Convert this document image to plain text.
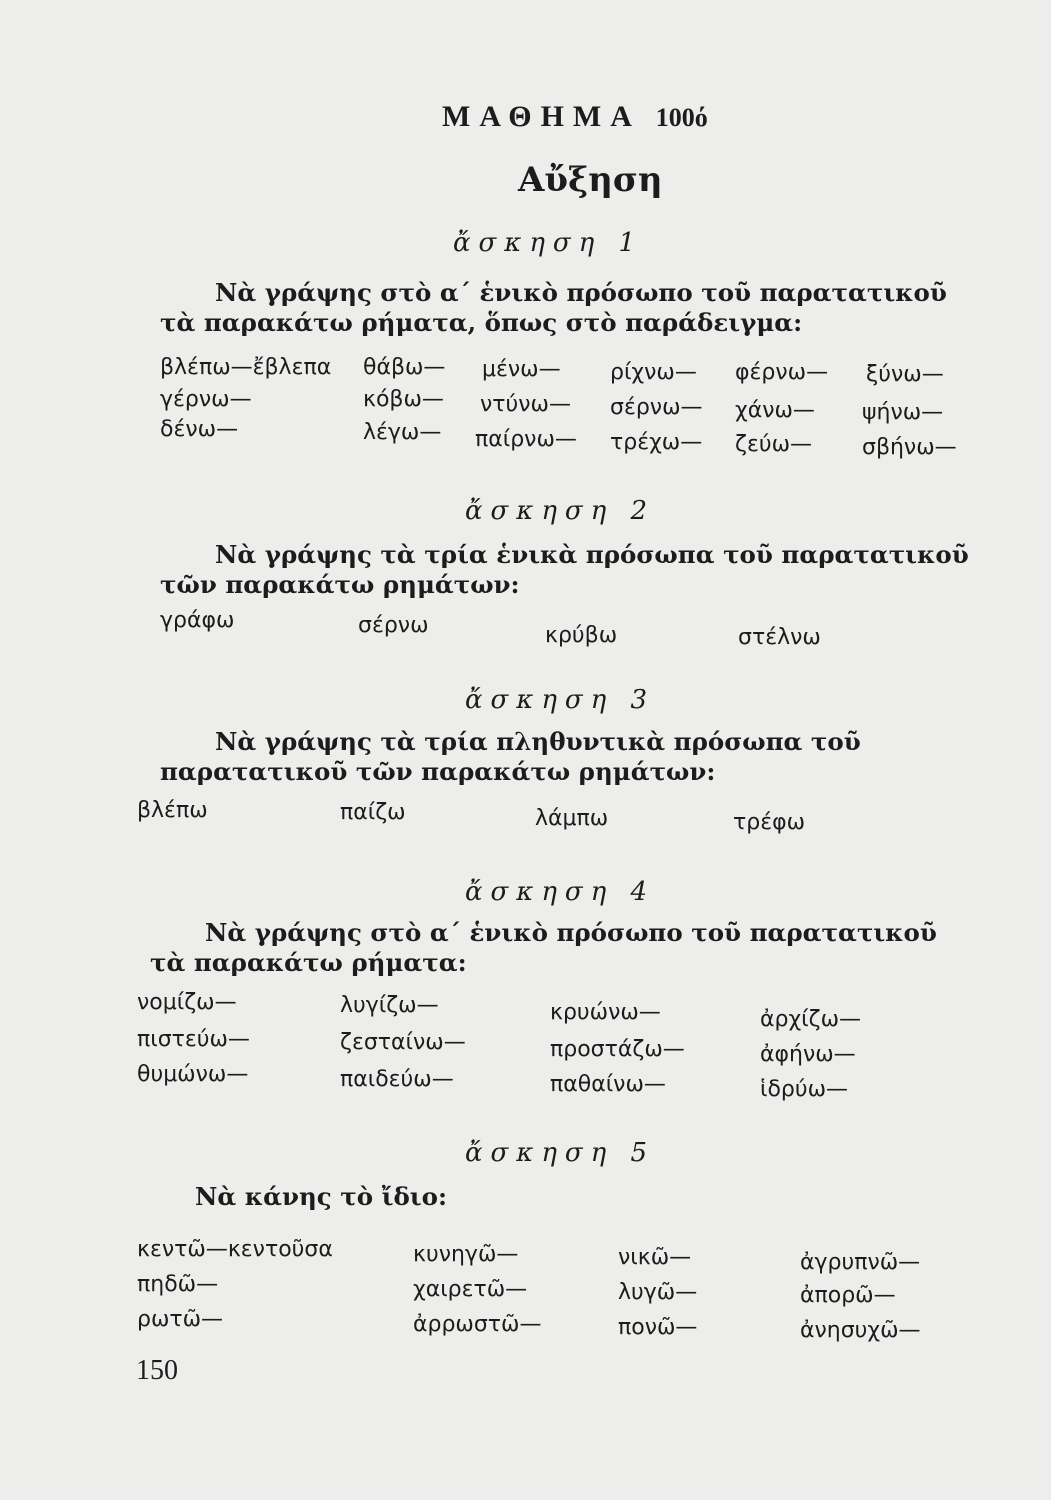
ΜΑΘΗΜΑ 100ό
Αὔξηση
ἄσκηση 1

Νὰ γράψης στὸ α΄ ἑνικὸ πρόσωπο τοῦ παρατατικοῦ τὰ παρακάτω ρήματα, ὅπως στὸ παράδειγμα:

βλέπω—ἔβλεπα θάβω— μένω— ρίχνω— φέρνω— ξύνω—
γέρνω—	κόβω— ντύνω— σέρνω— χάνω— ψήνω—
δένω—	λέγω— παίρνω— τρέχω— ζεύω— σβήνω—
ἄσκηση 2

Νὰ γράψης τὰ τρία ἑνικὰ πρόσωπα τοῦ παρατατικοῦ τῶν παρακάτω ρημάτων:

γράφω	σέρνω	κρύβω	στέλνω
ἄσκηση 3

Νὰ γράψης τὰ τρία πληθυντικὰ πρόσωπα τοῦ παρατατικοῦ τῶν παρακάτω ρημάτων:

βλέπω	παίζω	λάμπω	τρέφω
ἄσκηση 4

Νὰ γράψης στὸ α΄ ἑνικὸ πρόσωπο τοῦ παρατατικοῦ τὰ παρακάτω ρήματα:

νομίζω—	λυγίζω—	κρυώνω—	ἀρχίζω—
πιστεύω—	ζεσταίνω—	προστάζω—	ἀφήνω—
θυμώνω—	παιδεύω—	παθαίνω—	ἱδρύω—
ἄσκηση 5

Νὰ κάνης τὸ ἴδιο:

κεντῶ—κεντοῦσα	κυνηγῶ—	νικῶ—	ἀγρυπνῶ—
πηδῶ—	χαιρετῶ—	λυγῶ—	ἀπορῶ—
ρωτῶ—	ἀρρωστῶ—	πονῶ—	ἀνησυχῶ—
150
